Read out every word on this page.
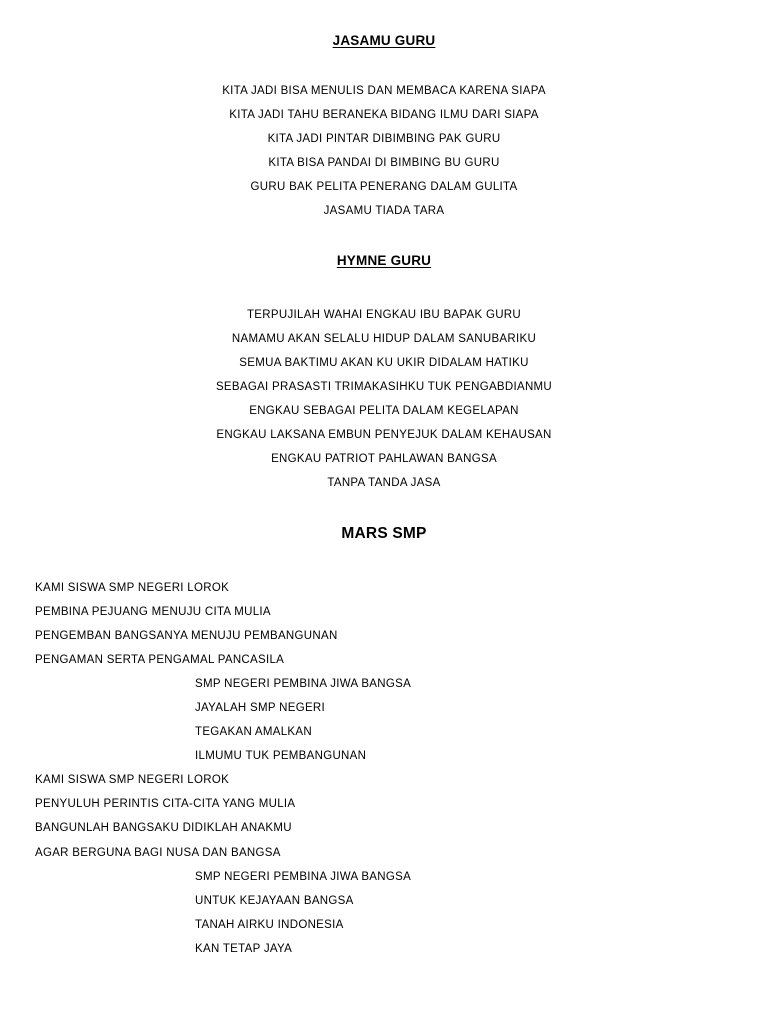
JASAMU GURU
KITA JADI BISA MENULIS DAN MEMBACA KARENA SIAPA
KITA JADI TAHU BERANEKA BIDANG ILMU DARI SIAPA
KITA JADI PINTAR DIBIMBING PAK GURU
KITA BISA PANDAI DI BIMBING BU GURU
GURU BAK PELITA PENERANG DALAM GULITA
JASAMU TIADA TARA
HYMNE GURU
TERPUJILAH WAHAI ENGKAU IBU BAPAK GURU
NAMAMU AKAN SELALU HIDUP DALAM SANUBARIKU
SEMUA BAKTIMU AKAN KU UKIR DIDALAM HATIKU
SEBAGAI PRASASTI TRIMAKASIHKU TUK PENGABDIANMU
ENGKAU SEBAGAI PELITA DALAM KEGELAPAN
ENGKAU LAKSANA EMBUN PENYEJUK DALAM KEHAUSAN
ENGKAU PATRIOT PAHLAWAN BANGSA
TANPA TANDA JASA
MARS SMP
KAMI SISWA SMP NEGERI LOROK
PEMBINA PEJUANG MENUJU CITA MULIA
PENGEMBAN BANGSANYA MENUJU PEMBANGUNAN
PENGAMAN SERTA PENGAMAL PANCASILA
SMP NEGERI PEMBINA JIWA BANGSA
JAYALAH SMP NEGERI
TEGAKAN AMALKAN
ILMUMU TUK PEMBANGUNAN
KAMI SISWA SMP NEGERI LOROK
PENYULUH PERINTIS CITA-CITA YANG MULIA
BANGUNLAH BANGSAKU DIDIKLAH ANAKMU
AGAR BERGUNA BAGI NUSA DAN BANGSA
SMP NEGERI PEMBINA JIWA BANGSA
UNTUK KEJAYAAN BANGSA
TANAH AIRKU INDONESIA
KAN TETAP JAYA
